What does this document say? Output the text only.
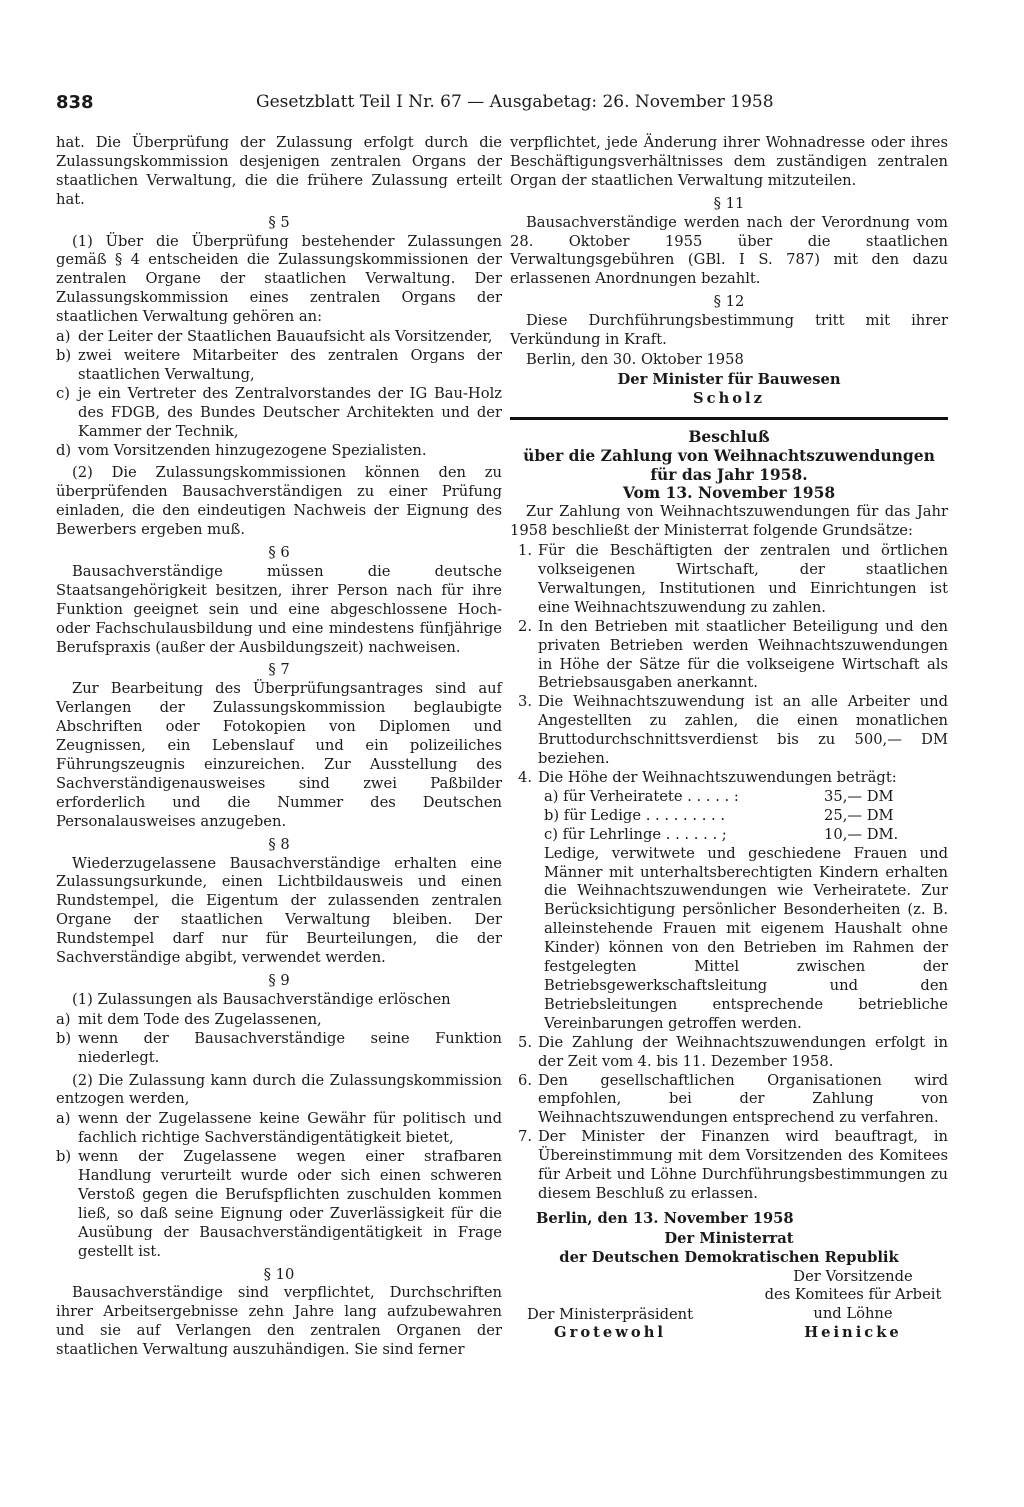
838	Gesetzblatt Teil I Nr. 67 — Ausgabetag: 26. November 1958

hat. Die Überprüfung der Zulassung erfolgt durch die Zulassungskommission desjenigen zentralen Organs der staatlichen Verwaltung, die die frühere Zulassung erteilt hat.

§ 5

(1) Über die Überprüfung bestehender Zulassungen gemäß § 4 entscheiden die Zulassungskommissionen der zentralen Organe der staatlichen Verwaltung. Der Zulassungskommission eines zentralen Organs der staatlichen Verwaltung gehören an:

a) der Leiter der Staatlichen Bauaufsicht als Vorsitzender,
b) zwei weitere Mitarbeiter des zentralen Organs der staatlichen Verwaltung,
c) je ein Vertreter des Zentralvorstandes der IG Bau-Holz des FDGB, des Bundes Deutscher Architekten und der Kammer der Technik,
d) vom Vorsitzenden hinzugezogene Spezialisten.

(2) Die Zulassungskommissionen können den zu überprüfenden Bausachverständigen zu einer Prüfung einladen, die den eindeutigen Nachweis der Eignung des Bewerbers ergeben muß.

§ 6

Bausachverständige müssen die deutsche Staatsangehörigkeit besitzen, ihrer Person nach für ihre Funktion geeignet sein und eine abgeschlossene Hoch- oder Fachschulausbildung und eine mindestens fünfjährige Berufspraxis (außer der Ausbildungszeit) nachweisen.

§ 7

Zur Bearbeitung des Überprüfungsantrages sind auf Verlangen der Zulassungskommission beglaubigte Abschriften oder Fotokopien von Diplomen und Zeugnissen, ein Lebenslauf und ein polizeiliches Führungszeugnis einzureichen. Zur Ausstellung des Sachverständigenausweises sind zwei Paßbilder erforderlich und die Nummer des Deutschen Personalausweises anzugeben.

§ 8

Wiederzugelassene Bausachverständige erhalten eine Zulassungsurkunde, einen Lichtbildausweis und einen Rundstempel, die Eigentum der zulassenden zentralen Organe der staatlichen Verwaltung bleiben. Der Rundstempel darf nur für Beurteilungen, die der Sachverständige abgibt, verwendet werden.

§ 9

(1) Zulassungen als Bausachverständige erlöschen

a) mit dem Tode des Zugelassenen,
b) wenn der Bausachverständige seine Funktion niederlegt.

(2) Die Zulassung kann durch die Zulassungskommission entzogen werden,

a) wenn der Zugelassene keine Gewähr für politisch und fachlich richtige Sachverständigentätigkeit bietet,
b) wenn der Zugelassene wegen einer strafbaren Handlung verurteilt wurde oder sich einen schweren Verstoß gegen die Berufspflichten zuschulden kommen ließ, so daß seine Eignung oder Zuverlässigkeit für die Ausübung der Bausachverständigentätigkeit in Frage gestellt ist.
§ 10

Bausachverständige sind verpflichtet, Durchschriften ihrer Arbeitsergebnisse zehn Jahre lang aufzubewahren und sie auf Verlangen den zentralen Organen der staatlichen Verwaltung auszuhändigen. Sie sind ferner

verpflichtet, jede Änderung ihrer Wohnadresse oder ihres Beschäftigungsverhältnisses dem zuständigen zentralen Organ der staatlichen Verwaltung mitzuteilen.

§ 11

Bausachverständige werden nach der Verordnung vom 28. Oktober 1955 über die staatlichen Verwaltungsgebühren (GBl. I S. 787) mit den dazu erlassenen Anordnungen bezahlt.

§ 12

Diese Durchführungsbestimmung tritt mit ihrer Verkündung in Kraft.

Berlin, den 30. Oktober 1958

Der Minister für Bauwesen
Scholz
Beschluß
über die Zahlung von Weihnachtszuwendungen
für das Jahr 1958.
Vom 13. November 1958

Zur Zahlung von Weihnachtszuwendungen für das Jahr 1958 beschließt der Ministerrat folgende Grundsätze:

1. Für die Beschäftigten der zentralen und örtlichen volkseigenen Wirtschaft, der staatlichen Verwaltungen, Institutionen und Einrichtungen ist eine Weihnachtszuwendung zu zahlen.
2. In den Betrieben mit staatlicher Beteiligung und den privaten Betrieben werden Weihnachtszuwendungen in Höhe der Sätze für die volkseigene Wirtschaft als Betriebsausgaben anerkannt.
3. Die Weihnachtszuwendung ist an alle Arbeiter und Angestellten zu zahlen, die einen monatlichen Bruttodurchschnittsverdienst bis zu 500,— DM beziehen.
4. Die Höhe der Weihnachtszuwendungen beträgt:
a) für Verheiratete . . . . . :	35,— DM
b) für Ledige . . . . . . . . .	25,— DM
c) für Lehrlinge . . . . . . ;	10,— DM.
Ledige, verwitwete und geschiedene Frauen und Männer mit unterhaltsberechtigten Kindern erhalten die Weihnachtszuwendungen wie Verheiratete. Zur Berücksichtigung persönlicher Besonderheiten (z. B. alleinstehende Frauen mit eigenem Haushalt ohne Kinder) können von den Betrieben im Rahmen der festgelegten Mittel zwischen der Betriebsgewerkschaftsleitung und den Betriebsleitungen entsprechende betriebliche Vereinbarungen getroffen werden.
5. Die Zahlung der Weihnachtszuwendungen erfolgt in der Zeit vom 4. bis 11. Dezember 1958.
6. Den gesellschaftlichen Organisationen wird empfohlen, bei der Zahlung von Weihnachtszuwendungen entsprechend zu verfahren.
7. Der Minister der Finanzen wird beauftragt, in Übereinstimmung mit dem Vorsitzenden des Komitees für Arbeit und Löhne Durchführungsbestimmungen zu diesem Beschluß zu erlassen.

Berlin, den 13. November 1958

Der Ministerrat
der Deutschen Demokratischen Republik
Der Ministerpräsident
Grotewohl
Der Vorsitzende
des Komitees für Arbeit
und Löhne
Heinicke
